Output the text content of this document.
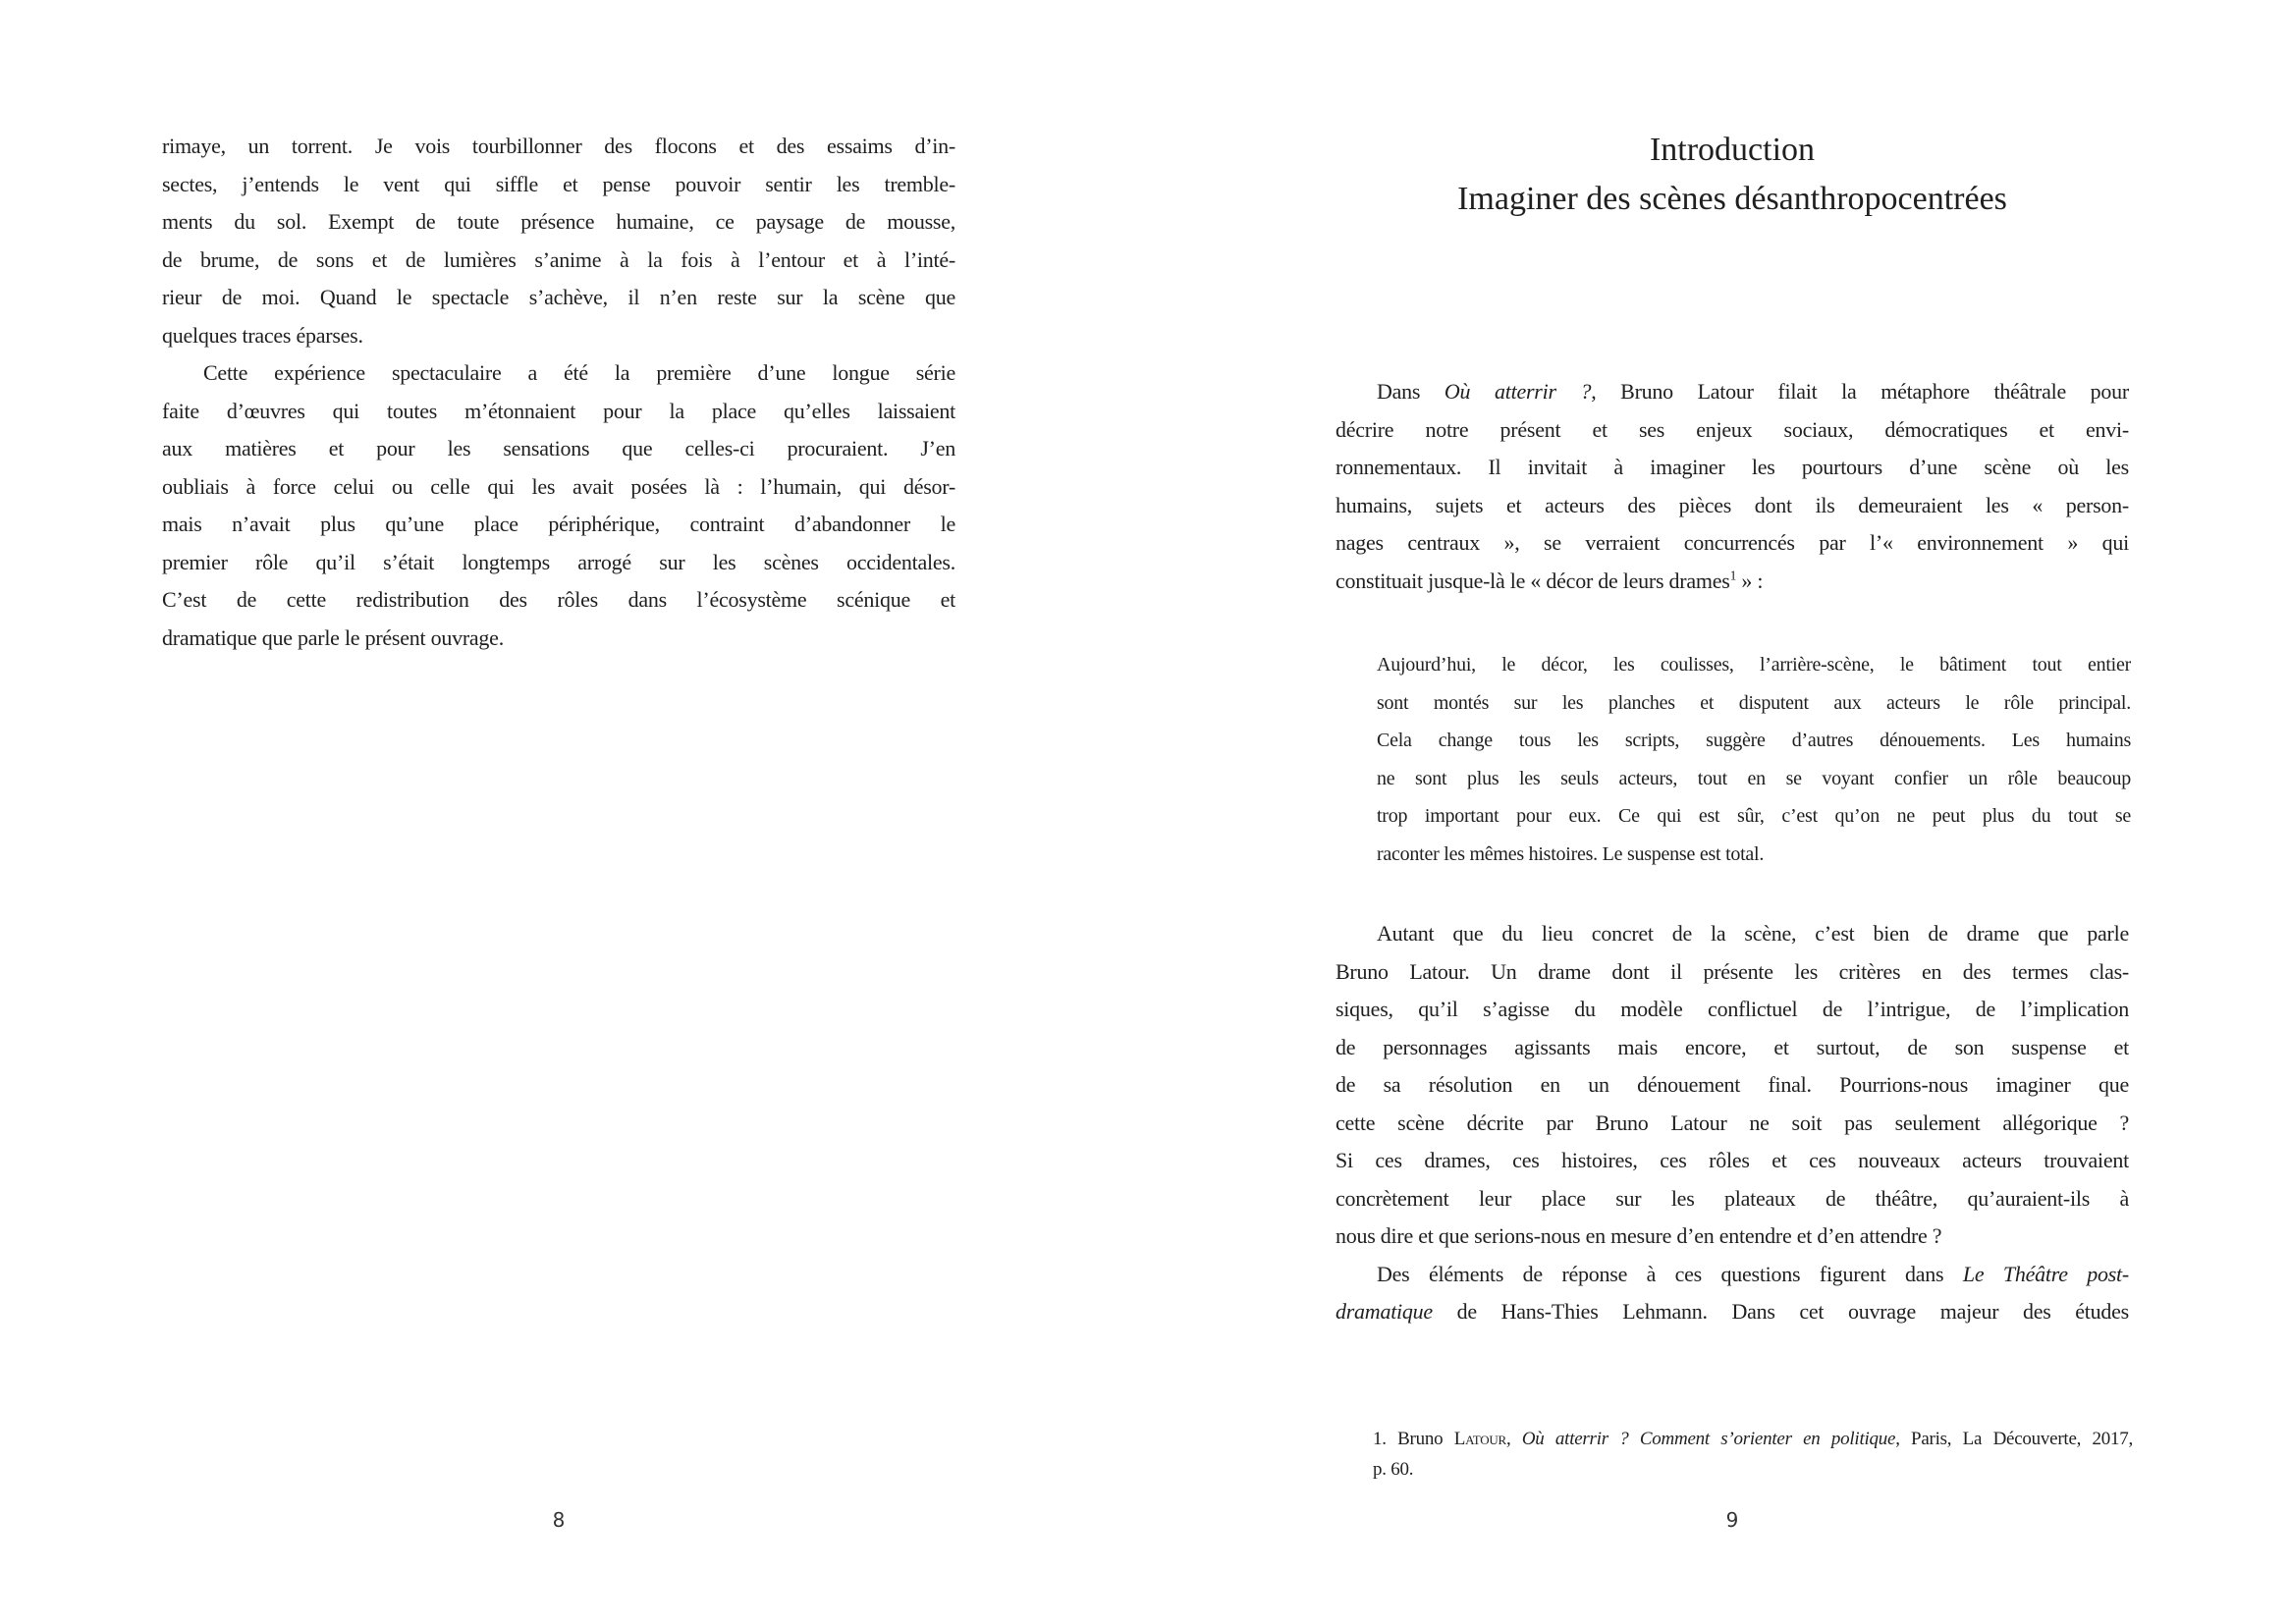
rimaye, un torrent. Je vois tourbillonner des flocons et des essaims d’in-
sectes, j’entends le vent qui siffle et pense pouvoir sentir les tremble-
ments du sol. Exempt de toute présence humaine, ce paysage de mousse,
de brume, de sons et de lumières s’anime à la fois à l’entour et à l’inté-
rieur de moi. Quand le spectacle s’achève, il n’en reste sur la scène que
quelques traces éparses.
Cette expérience spectaculaire a été la première d’une longue série
faite d’œuvres qui toutes m’étonnaient pour la place qu’elles laissaient
aux matières et pour les sensations que celles-ci procuraient. J’en
oubliais à force celui ou celle qui les avait posées là : l’humain, qui désor-
mais n’avait plus qu’une place périphérique, contraint d’abandonner le
premier rôle qu’il s’était longtemps arrogé sur les scènes occidentales.
C’est de cette redistribution des rôles dans l’écosystème scénique et
dramatique que parle le présent ouvrage.
Introduction
Imaginer des scènes désanthropocentrées
Dans Où atterrir ?, Bruno Latour filait la métaphore théâtrale pour
décrire notre présent et ses enjeux sociaux, démocratiques et envi-
ronnementaux. Il invitait à imaginer les pourtours d’une scène où les
humains, sujets et acteurs des pièces dont ils demeuraient les « person-
nages centraux », se verraient concurrencés par l’« environnement » qui
constituait jusque-là le « décor de leurs drames$^1$ » :
Aujourd’hui, le décor, les coulisses, l’arrière-scène, le bâtiment tout entier
sont montés sur les planches et disputent aux acteurs le rôle principal.
Cela change tous les scripts, suggère d’autres dénouements. Les humains
ne sont plus les seuls acteurs, tout en se voyant confier un rôle beaucoup
trop important pour eux. Ce qui est sûr, c’est qu’on ne peut plus du tout se
raconter les mêmes histoires. Le suspense est total.
Autant que du lieu concret de la scène, c’est bien de drame que parle
Bruno Latour. Un drame dont il présente les critères en des termes clas-
siques, qu’il s’agisse du modèle conflictuel de l’intrigue, de l’implication
de personnages agissants mais encore, et surtout, de son suspense et
de sa résolution en un dénouement final. Pourrions-nous imaginer que
cette scène décrite par Bruno Latour ne soit pas seulement allégorique ?
Si ces drames, ces histoires, ces rôles et ces nouveaux acteurs trouvaient
concrètement leur place sur les plateaux de théâtre, qu’auraient-ils à
nous dire et que serions-nous en mesure d’en entendre et d’en attendre ?
Des éléments de réponse à ces questions figurent dans Le Théâtre post-
dramatique de Hans-Thies Lehmann. Dans cet ouvrage majeur des études
1. Bruno Latour, Où atterrir ? Comment s’orienter en politique, Paris, La Découverte, 2017,
p. 60.
8	9
